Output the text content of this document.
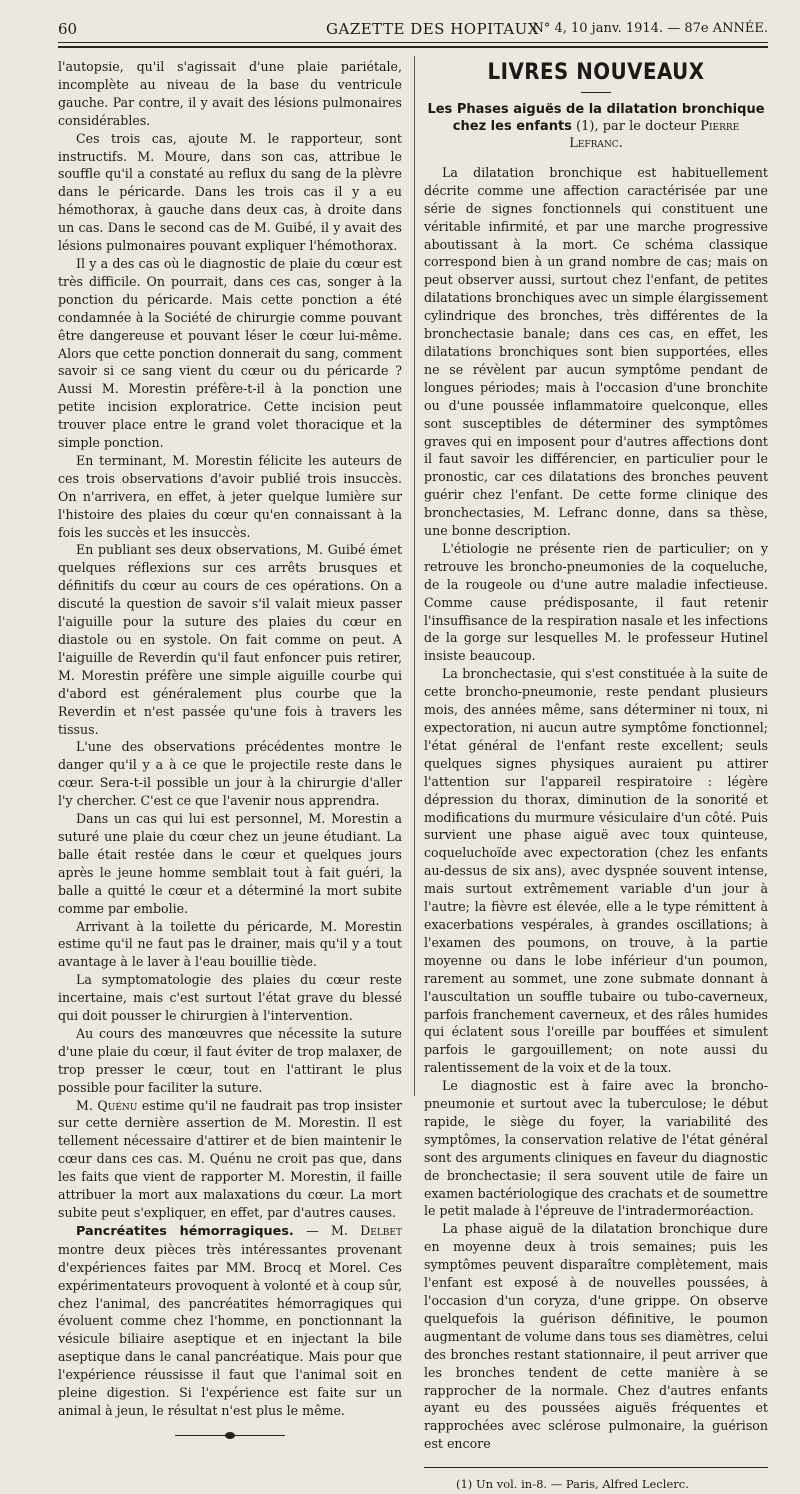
60	GAZETTE DES HOPITAUX
N° 4, 10 janv. 1914. — 87e ANNÉE.

l'autopsie, qu'il s'agissait d'une plaie pariétale, incomplète au niveau de la base du ventricule gauche. Par contre, il y avait des lésions pulmonaires considérables.

Ces trois cas, ajoute M. le rapporteur, sont instructifs. M. Moure, dans son cas, attribue le souffle qu'il a constaté au reflux du sang de la plèvre dans le péricarde. Dans les trois cas il y a eu hémothorax, à gauche dans deux cas, à droite dans un cas. Dans le second cas de M. Guibé, il y avait des lésions pulmonaires pouvant expliquer l'hémothorax.

Il y a des cas où le diagnostic de plaie du cœur est très difficile. On pourrait, dans ces cas, songer à la ponction du péricarde. Mais cette ponction a été condamnée à la Société de chirurgie comme pouvant être dangereuse et pouvant léser le cœur lui-même. Alors que cette ponction donnerait du sang, comment savoir si ce sang vient du cœur ou du péricarde ? Aussi M. Morestin préfère-t-il à la ponction une petite incision exploratrice. Cette incision peut trouver place entre le grand volet thoracique et la simple ponction.

En terminant, M. Morestin félicite les auteurs de ces trois observations d'avoir publié trois insuccès. On n'arrivera, en effet, à jeter quelque lumière sur l'histoire des plaies du cœur qu'en connaissant à la fois les succès et les insuccès.

En publiant ses deux observations, M. Guibé émet quelques réflexions sur ces arrêts brusques et définitifs du cœur au cours de ces opérations. On a discuté la question de savoir s'il valait mieux passer l'aiguille pour la suture des plaies du cœur en diastole ou en systole. On fait comme on peut. A l'aiguille de Reverdin qu'il faut enfoncer puis retirer, M. Morestin préfère une simple aiguille courbe qui d'abord est généralement plus courbe que la Reverdin et n'est passée qu'une fois à travers les tissus.

L'une des observations précédentes montre le danger qu'il y a à ce que le projectile reste dans le cœur. Sera-t-il possible un jour à la chirurgie d'aller l'y chercher. C'est ce que l'avenir nous apprendra.

Dans un cas qui lui est personnel, M. Morestin a suturé une plaie du cœur chez un jeune étudiant. La balle était restée dans le cœur et quelques jours après le jeune homme semblait tout à fait guéri, la balle a quitté le cœur et a déterminé la mort subite comme par embolie.

Arrivant à la toilette du péricarde, M. Morestin estime qu'il ne faut pas le drainer, mais qu'il y a tout avantage à le laver à l'eau bouillie tiède.

La symptomatologie des plaies du cœur reste incertaine, mais c'est surtout l'état grave du blessé qui doit pousser le chirurgien à l'intervention.

Au cours des manœuvres que nécessite la suture d'une plaie du cœur, il faut éviter de trop malaxer, de trop presser le cœur, tout en l'attirant le plus possible pour faciliter la suture.

M. Quénu estime qu'il ne faudrait pas trop insister sur cette dernière assertion de M. Morestin. Il est tellement nécessaire d'attirer et de bien maintenir le cœur dans ces cas. M. Quénu ne croit pas que, dans les faits que vient de rapporter M. Morestin, il faille attribuer la mort aux malaxations du cœur. La mort subite peut s'expliquer, en effet, par d'autres causes.

Pancréatites hémorragiques. — M. Delbet montre deux pièces très intéressantes provenant d'expériences faites par MM. Brocq et Morel. Ces expérimentateurs provoquent à volonté et à coup sûr, chez l'animal, des pancréatites hémorragiques qui évoluent comme chez l'homme, en ponctionnant la vésicule biliaire aseptique et en injectant la bile aseptique dans le canal pancréatique. Mais pour que l'expérience réussisse il faut que l'animal soit en pleine digestion. Si l'expérience est faite sur un animal à jeun, le résultat n'est plus le même.

LIVRES NOUVEAUX
Les Phases aiguës de la dilatation bronchique chez les enfants (1), par le docteur Pierre Lefranc.

La dilatation bronchique est habituellement décrite comme une affection caractérisée par une série de signes fonctionnels qui constituent une véritable infirmité, et par une marche progressive aboutissant à la mort. Ce schéma classique correspond bien à un grand nombre de cas; mais on peut observer aussi, surtout chez l'enfant, de petites dilatations bronchiques avec un simple élargissement cylindrique des bronches, très différentes de la bronchectasie banale; dans ces cas, en effet, les dilatations bronchiques sont bien supportées, elles ne se révèlent par aucun symptôme pendant de longues périodes; mais à l'occasion d'une bronchite ou d'une poussée inflammatoire quelconque, elles sont susceptibles de déterminer des symptômes graves qui en imposent pour d'autres affections dont il faut savoir les différencier, en particulier pour le pronostic, car ces dilatations des bronches peuvent guérir chez l'enfant. De cette forme clinique des bronchectasies, M. Lefranc donne, dans sa thèse, une bonne description.

L'étiologie ne présente rien de particulier; on y retrouve les broncho-pneumonies de la coqueluche, de la rougeole ou d'une autre maladie infectieuse. Comme cause prédisposante, il faut retenir l'insuffisance de la respiration nasale et les infections de la gorge sur lesquelles M. le professeur Hutinel insiste beaucoup.

La bronchectasie, qui s'est constituée à la suite de cette broncho-pneumonie, reste pendant plusieurs mois, des années même, sans déterminer ni toux, ni expectoration, ni aucun autre symptôme fonctionnel; l'état général de l'enfant reste excellent; seuls quelques signes physiques auraient pu attirer l'attention sur l'appareil respiratoire : légère dépression du thorax, diminution de la sonorité et modifications du murmure vésiculaire d'un côté. Puis survient une phase aiguë avec toux quinteuse, coqueluchoïde avec expectoration (chez les enfants au-dessus de six ans), avec dyspnée souvent intense, mais surtout extrêmement variable d'un jour à l'autre; la fièvre est élevée, elle a le type rémittent à exacerbations vespérales, à grandes oscillations; à l'examen des poumons, on trouve, à la partie moyenne ou dans le lobe inférieur d'un poumon, rarement au sommet, une zone submate donnant à l'auscultation un souffle tubaire ou tubo-caverneux, parfois franchement caverneux, et des râles humides qui éclatent sous l'oreille par bouffées et simulent parfois le gargouillement; on note aussi du ralentissement de la voix et de la toux.

Le diagnostic est à faire avec la broncho-pneumonie et surtout avec la tuberculose; le début rapide, le siège du foyer, la variabilité des symptômes, la conservation relative de l'état général sont des arguments cliniques en faveur du diagnostic de bronchectasie; il sera souvent utile de faire un examen bactériologique des crachats et de soumettre le petit malade à l'épreuve de l'intradermoréaction.

La phase aiguë de la dilatation bronchique dure en moyenne deux à trois semaines; puis les symptômes peuvent disparaître complètement, mais l'enfant est exposé à de nouvelles poussées, à l'occasion d'un coryza, d'une grippe. On observe quelquefois la guérison définitive, le poumon augmentant de volume dans tous ses diamètres, celui des bronches restant stationnaire, il peut arriver que les bronches tendent de cette manière à se rapprocher de la normale. Chez d'autres enfants ayant eu des poussées aiguës fréquentes et rapprochées avec sclérose pulmonaire, la guérison est encore

(1) Un vol. in-8. — Paris, Alfred Leclerc.
